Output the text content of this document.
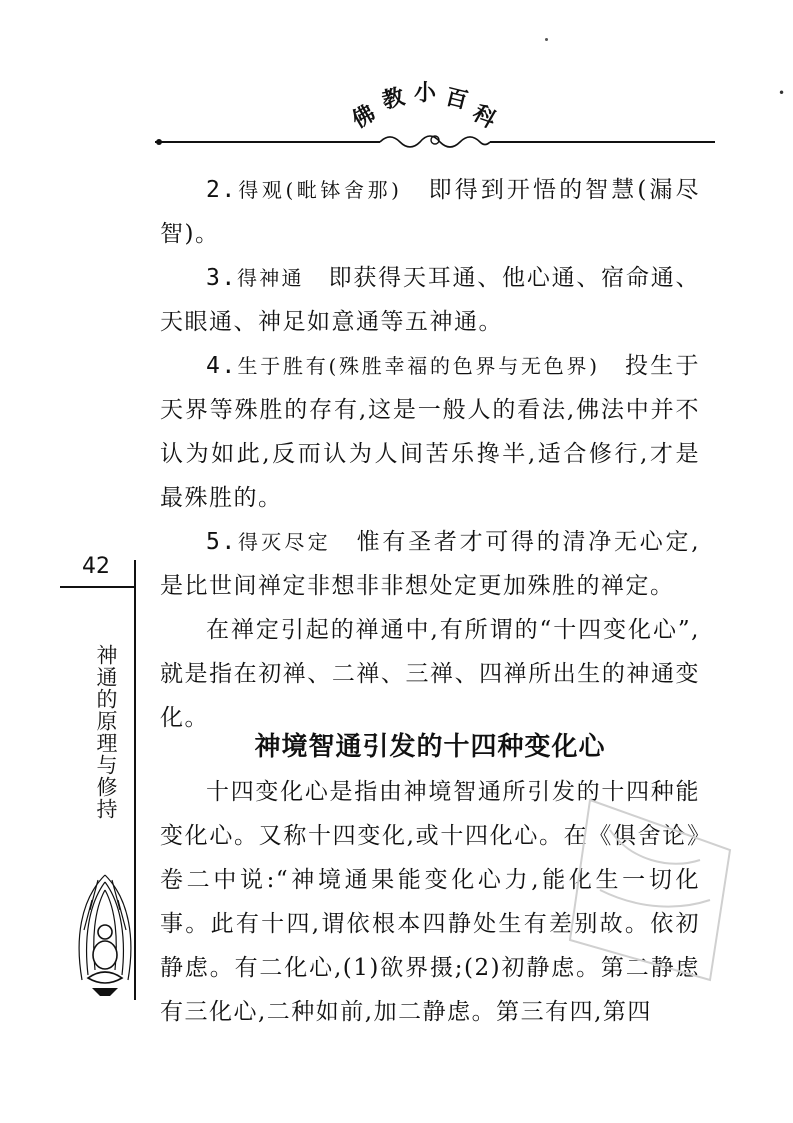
•
佛
教 小 百
科

2.得观(毗钵舍那)　即得到开悟的智慧(漏尽智)。

3.得神通　即获得天耳通、他心通、宿命通、天眼通、神足如意通等五神通。

4.生于胜有(殊胜幸福的色界与无色界)　投生于天界等殊胜的存有,这是一般人的看法,佛法中并不认为如此,反而认为人间苦乐搀半,适合修行,才是最殊胜的。

5.得灭尽定　惟有圣者才可得的清净无心定,是比世间禅定非想非非想处定更加殊胜的禅定。

在禅定引起的禅通中,有所谓的“十四变化心”,就是指在初禅、二禅、三禅、四禅所出生的神通变化。

神境智通引发的十四种变化心

十四变化心是指由神境智通所引发的十四种能变化心。又称十四变化,或十四化心。在《俱舍论》卷二中说:“神境通果能变化心力,能化生一切化事。此有十四,谓依根本四静处生有差别故。依初静虑。有二化心,(1)欲界摄;(2)初静虑。第二静虑有三化心,二种如前,加二静虑。第三有四,第四

42
神通的原理与修持
